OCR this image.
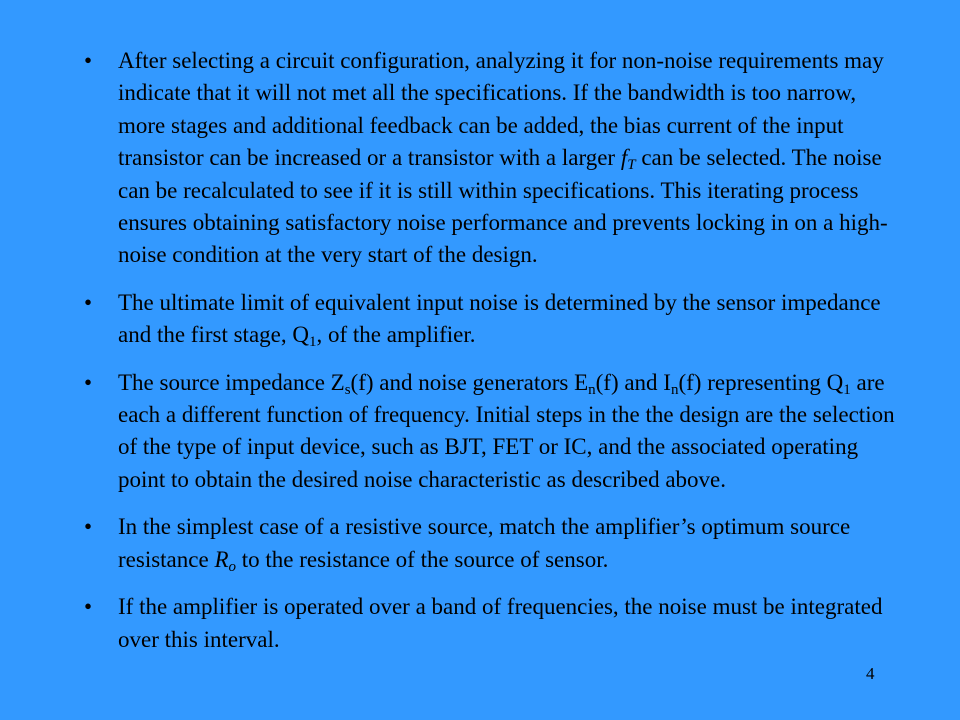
• After selecting a circuit configuration, analyzing it for non-noise requirements may indicate that it will not met all the specifications. If the bandwidth is too narrow, more stages and additional feedback can be added, the bias current of the input transistor can be increased or a transistor with a larger $f_T$ can be selected. The noise can be recalculated to see if it is still within specifications. This iterating process ensures obtaining satisfactory noise performance and prevents locking in on a high-noise condition at the very start of the design.
• The ultimate limit of equivalent input noise is determined by the sensor impedance and the first stage, $Q_1$, of the amplifier.
• The source impedance $Z_s(f)$ and noise generators $E_n(f)$ and $I_n(f)$ representing $Q_1$ are each a different function of frequency. Initial steps in the the design are the selection of the type of input device, such as BJT, FET or IC, and the associated operating point to obtain the desired noise characteristic as described above.
• In the simplest case of a resistive source, match the amplifier’s optimum source resistance $R_o$ to the resistance of the source of sensor.
• If the amplifier is operated over a band of frequencies, the noise must be integrated over this interval.
4
